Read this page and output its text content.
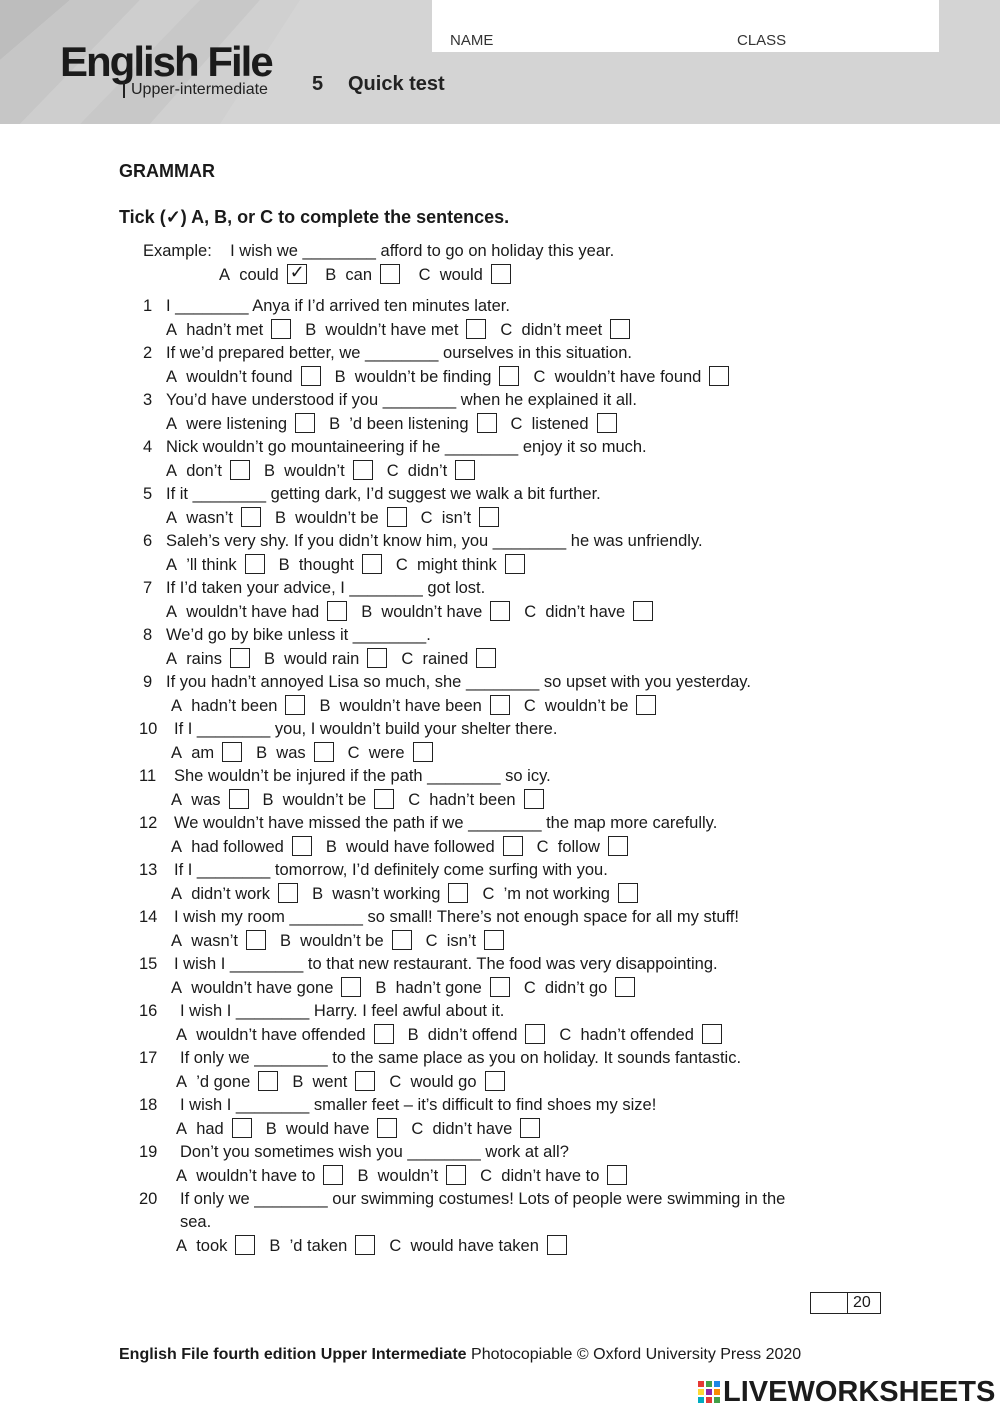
English File
Upper-intermediate 5 Quick test
NAME	CLASS
GRAMMAR
Tick (✓) A, B, or C to complete the sentences.
Example: I wish we ________ afford to go on holiday this year.
A could ✓ B can	C would
1 I ________ Anya if I’d arrived ten minutes later.
A hadn’t met	B wouldn’t have met	C didn’t meet
2 If we’d prepared better, we ________ ourselves in this situation.
A wouldn’t found	B wouldn’t be finding	C wouldn’t have found
3 You’d have understood if you ________ when he explained it all.
A were listening	B ’d been listening	C listened
4 Nick wouldn’t go mountaineering if he ________ enjoy it so much.
A don’t	B wouldn’t	C didn’t
5 If it ________ getting dark, I’d suggest we walk a bit further.
A wasn’t	B wouldn’t be	C isn’t
6 Saleh’s very shy. If you didn’t know him, you ________ he was unfriendly.
A ’ll think	B thought	C might think
7 If I’d taken your advice, I ________ got lost.
A wouldn’t have had	B wouldn’t have	C didn’t have
8 We’d go by bike unless it ________.
A rains	B would rain	C rained
9 If you hadn’t annoyed Lisa so much, she ________ so upset with you yesterday.
A hadn’t been	B wouldn’t have been	C wouldn’t be
10 If I ________ you, I wouldn’t build your shelter there.
A am	B was	C were
11 She wouldn’t be injured if the path ________ so icy.
A was	B wouldn’t be	C hadn’t been
12 We wouldn’t have missed the path if we ________ the map more carefully.
A had followed	B would have followed	C follow
13 If I ________ tomorrow, I’d definitely come surfing with you.
A didn’t work	B wasn’t working	C ’m not working
14 I wish my room ________ so small! There’s not enough space for all my stuff!
A wasn’t	B wouldn’t be	C isn’t
15 I wish I ________ to that new restaurant. The food was very disappointing.
A wouldn’t have gone	B hadn’t gone	C didn’t go
16 I wish I ________ Harry. I feel awful about it.
A wouldn’t have offended	B didn’t offend	C hadn’t offended
17 If only we ________ to the same place as you on holiday. It sounds fantastic.
A ’d gone	B went	C would go
18 I wish I ________ smaller feet – it’s difficult to find shoes my size!
A had	B would have	C didn’t have
19 Don’t you sometimes wish you ________ work at all?
A wouldn’t have to	B wouldn’t	C didn’t have to
20 If only we ________ our swimming costumes! Lots of people were swimming in the
sea.
A took	B ’d taken	C would have taken
20
English File fourth edition Upper Intermediate Photocopiable © Oxford University Press 2020
LIVEWORKSHEETS
